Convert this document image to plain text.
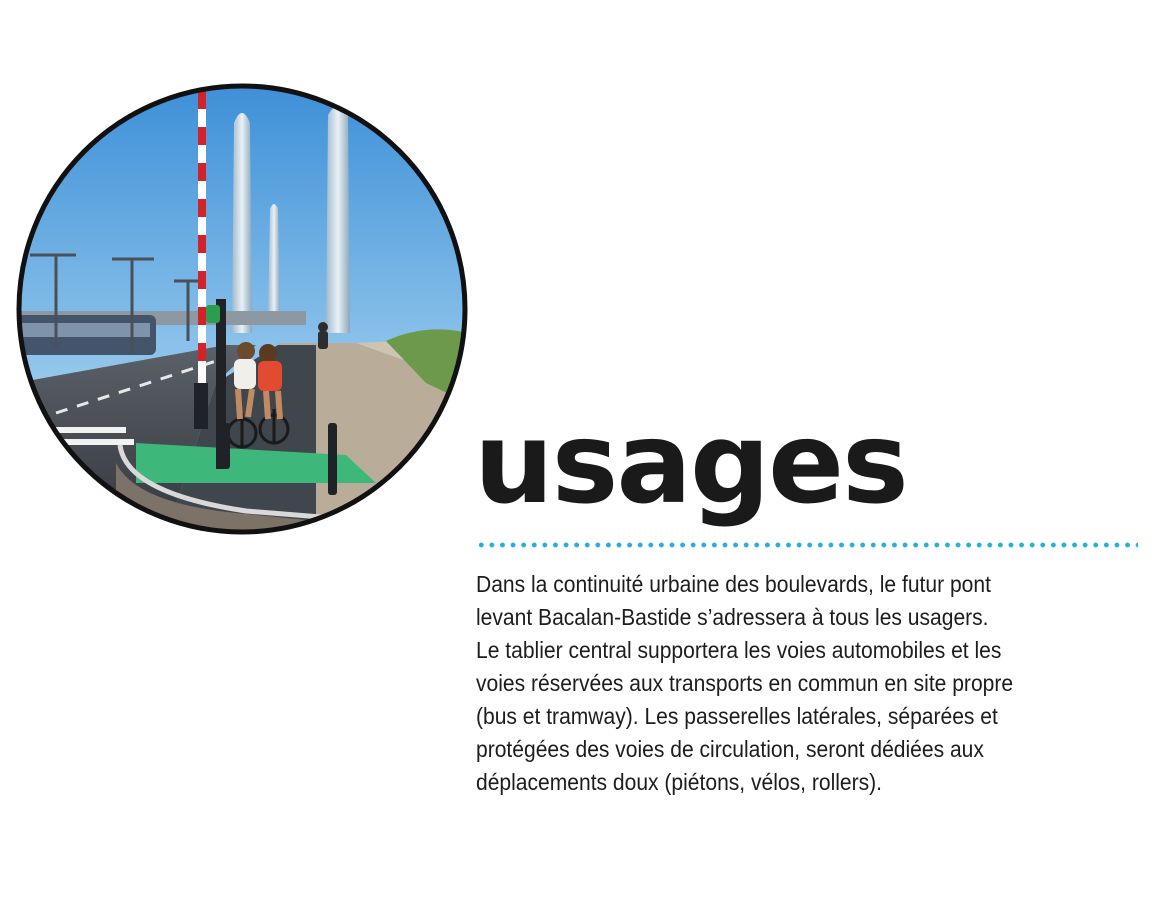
usages

Dans la continuité urbaine des boulevards, le futur pont
levant Bacalan-Bastide s’adressera à tous les usagers.
Le tablier central supportera les voies automobiles et les
voies réservées aux transports en commun en site propre
(bus et tramway). Les passerelles latérales, séparées et
protégées des voies de circulation, seront dédiées aux
déplacements doux (piétons, vélos, rollers).
